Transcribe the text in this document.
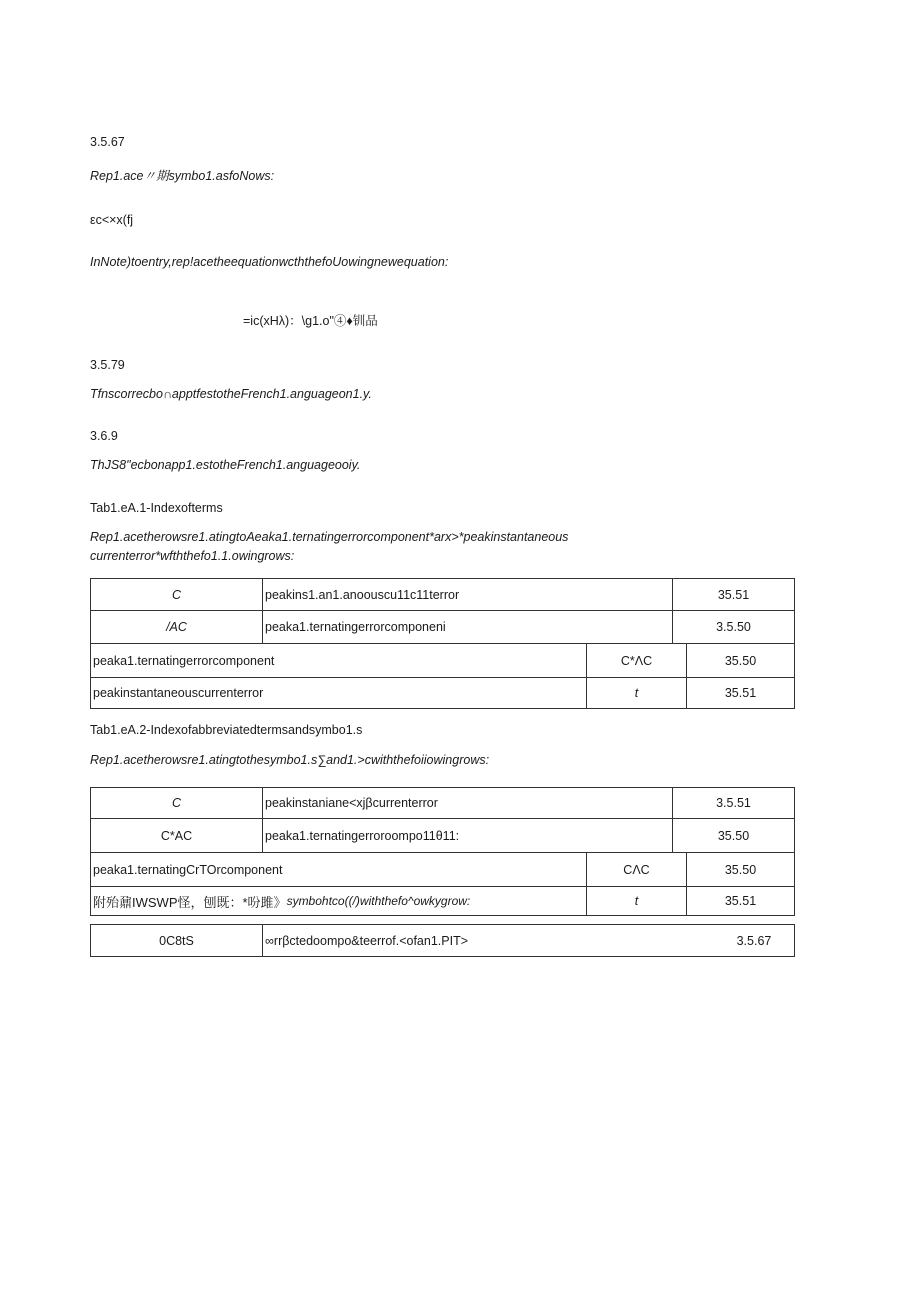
3.5.67
Rep1.ace〃期symbo1.asfoNows:
εc<×x(fj
InNote)toentry,rep!acetheequationwcththefoUowingnewequation:
=ic(xHλ)：\g1.o"④♦钏品
3.5.79
Tfnscorrecbo∩apptfestotheFrench1.anguageon1.y.
3.6.9
ThJS8"ecbonapp1.estotheFrench1.anguageooiy.
Tab1.eA.1-Indexofterms
Rep1.acetherowsre1.atingtoAeaka1.ternatingerrorcomponent*arx>*peakinstantaneous
currenterror*wfththefo1.1.owingrows:
C	peakins1.an1.anoouscu11c11terror	35.51
/AC	peaka1.ternatingerrorcomponeni	3.5.50
peaka1.ternatingerrorcomponent	C*ΛC	35.50
peakinstantaneouscurrenterror	t	35.51
Tab1.eA.2-Indexofabbreviatedtermsandsymbo1.s
Rep1.acetherowsre1.atingtothesymbo1.s∑and1.>cwiththefoiiowingrows:
C	peakinstaniane<xjβcurrenterror	3.5.51
C*AC	peaka1.ternatingerroroompo11θ11:	35.50
peaka1.ternatingCrTOrcomponent	CΛC	35.50
附殆鼐IWSWP怪，刨既：*吩雎》 symbohtco((/)withthefo^owkygrow:	t	35.51
0C8tS	∞rrβctedoompo&teerrof.<ofan1.PIT>	3.5.67
